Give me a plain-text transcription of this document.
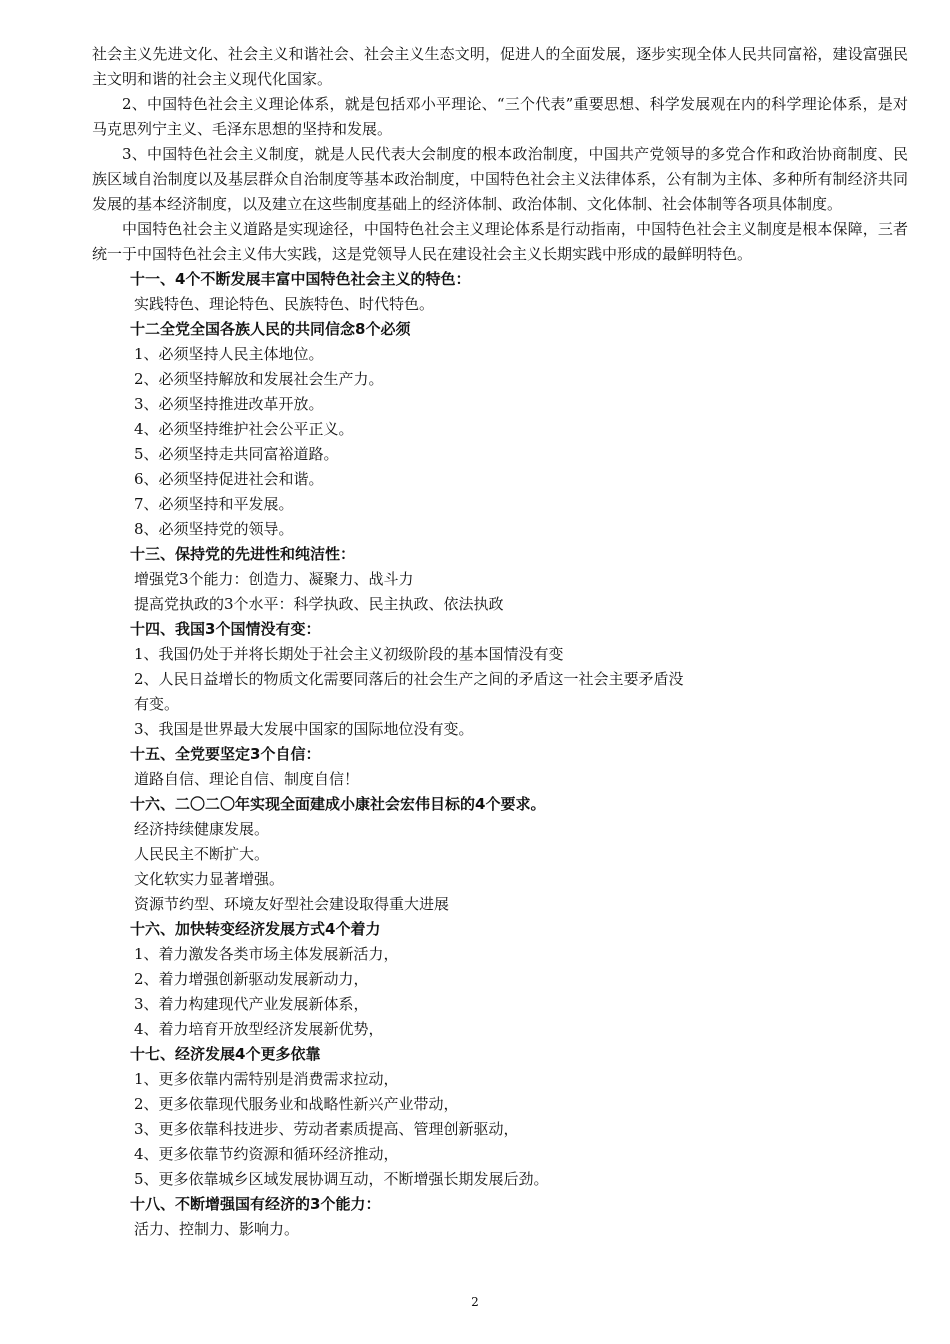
社会主义先进文化、社会主义和谐社会、社会主义生态文明，促进人的全面发展，逐步实现全体人民共同富裕，建设富强民主文明和谐的社会主义现代化国家。

2、中国特色社会主义理论体系，就是包括邓小平理论、“三个代表”重要思想、科学发展观在内的科学理论体系，是对马克思列宁主义、毛泽东思想的坚持和发展。

3、中国特色社会主义制度，就是人民代表大会制度的根本政治制度，中国共产党领导的多党合作和政治协商制度、民族区域自治制度以及基层群众自治制度等基本政治制度，中国特色社会主义法律体系，公有制为主体、多种所有制经济共同发展的基本经济制度，以及建立在这些制度基础上的经济体制、政治体制、文化体制、社会体制等各项具体制度。

中国特色社会主义道路是实现途径，中国特色社会主义理论体系是行动指南，中国特色社会主义制度是根本保障，三者统一于中国特色社会主义伟大实践，这是党领导人民在建设社会主义长期实践中形成的最鲜明特色。

十一、4个不断发展丰富中国特色社会主义的特色：

实践特色、理论特色、民族特色、时代特色。

十二全党全国各族人民的共同信念8个必须

1、必须坚持人民主体地位。

2、必须坚持解放和发展社会生产力。

3、必须坚持推进改革开放。

4、必须坚持维护社会公平正义。

5、必须坚持走共同富裕道路。

6、必须坚持促进社会和谐。

7、必须坚持和平发展。

8、必须坚持党的领导。

十三、保持党的先进性和纯洁性：

增强党3个能力：创造力、凝聚力、战斗力

提高党执政的3个水平：科学执政、民主执政、依法执政

十四、我国3个国情没有变：

1、我国仍处于并将长期处于社会主义初级阶段的基本国情没有变

2、人民日益增长的物质文化需要同落后的社会生产之间的矛盾这一社会主要矛盾没

有变。

3、我国是世界最大发展中国家的国际地位没有变。

十五、全党要坚定3个自信：

道路自信、理论自信、制度自信！

十六、二〇二〇年实现全面建成小康社会宏伟目标的4个要求。

经济持续健康发展。

人民民主不断扩大。

文化软实力显著增强。

资源节约型、环境友好型社会建设取得重大进展

十六、加快转变经济发展方式4个着力

1、着力激发各类市场主体发展新活力，

2、着力增强创新驱动发展新动力，

3、着力构建现代产业发展新体系，

4、着力培育开放型经济发展新优势，

十七、经济发展4个更多依靠

1、更多依靠内需特别是消费需求拉动，

2、更多依靠现代服务业和战略性新兴产业带动，

3、更多依靠科技进步、劳动者素质提高、管理创新驱动，

4、更多依靠节约资源和循环经济推动，

5、更多依靠城乡区域发展协调互动，不断增强长期发展后劲。

十八、不断增强国有经济的3个能力：

活力、控制力、影响力。

2
